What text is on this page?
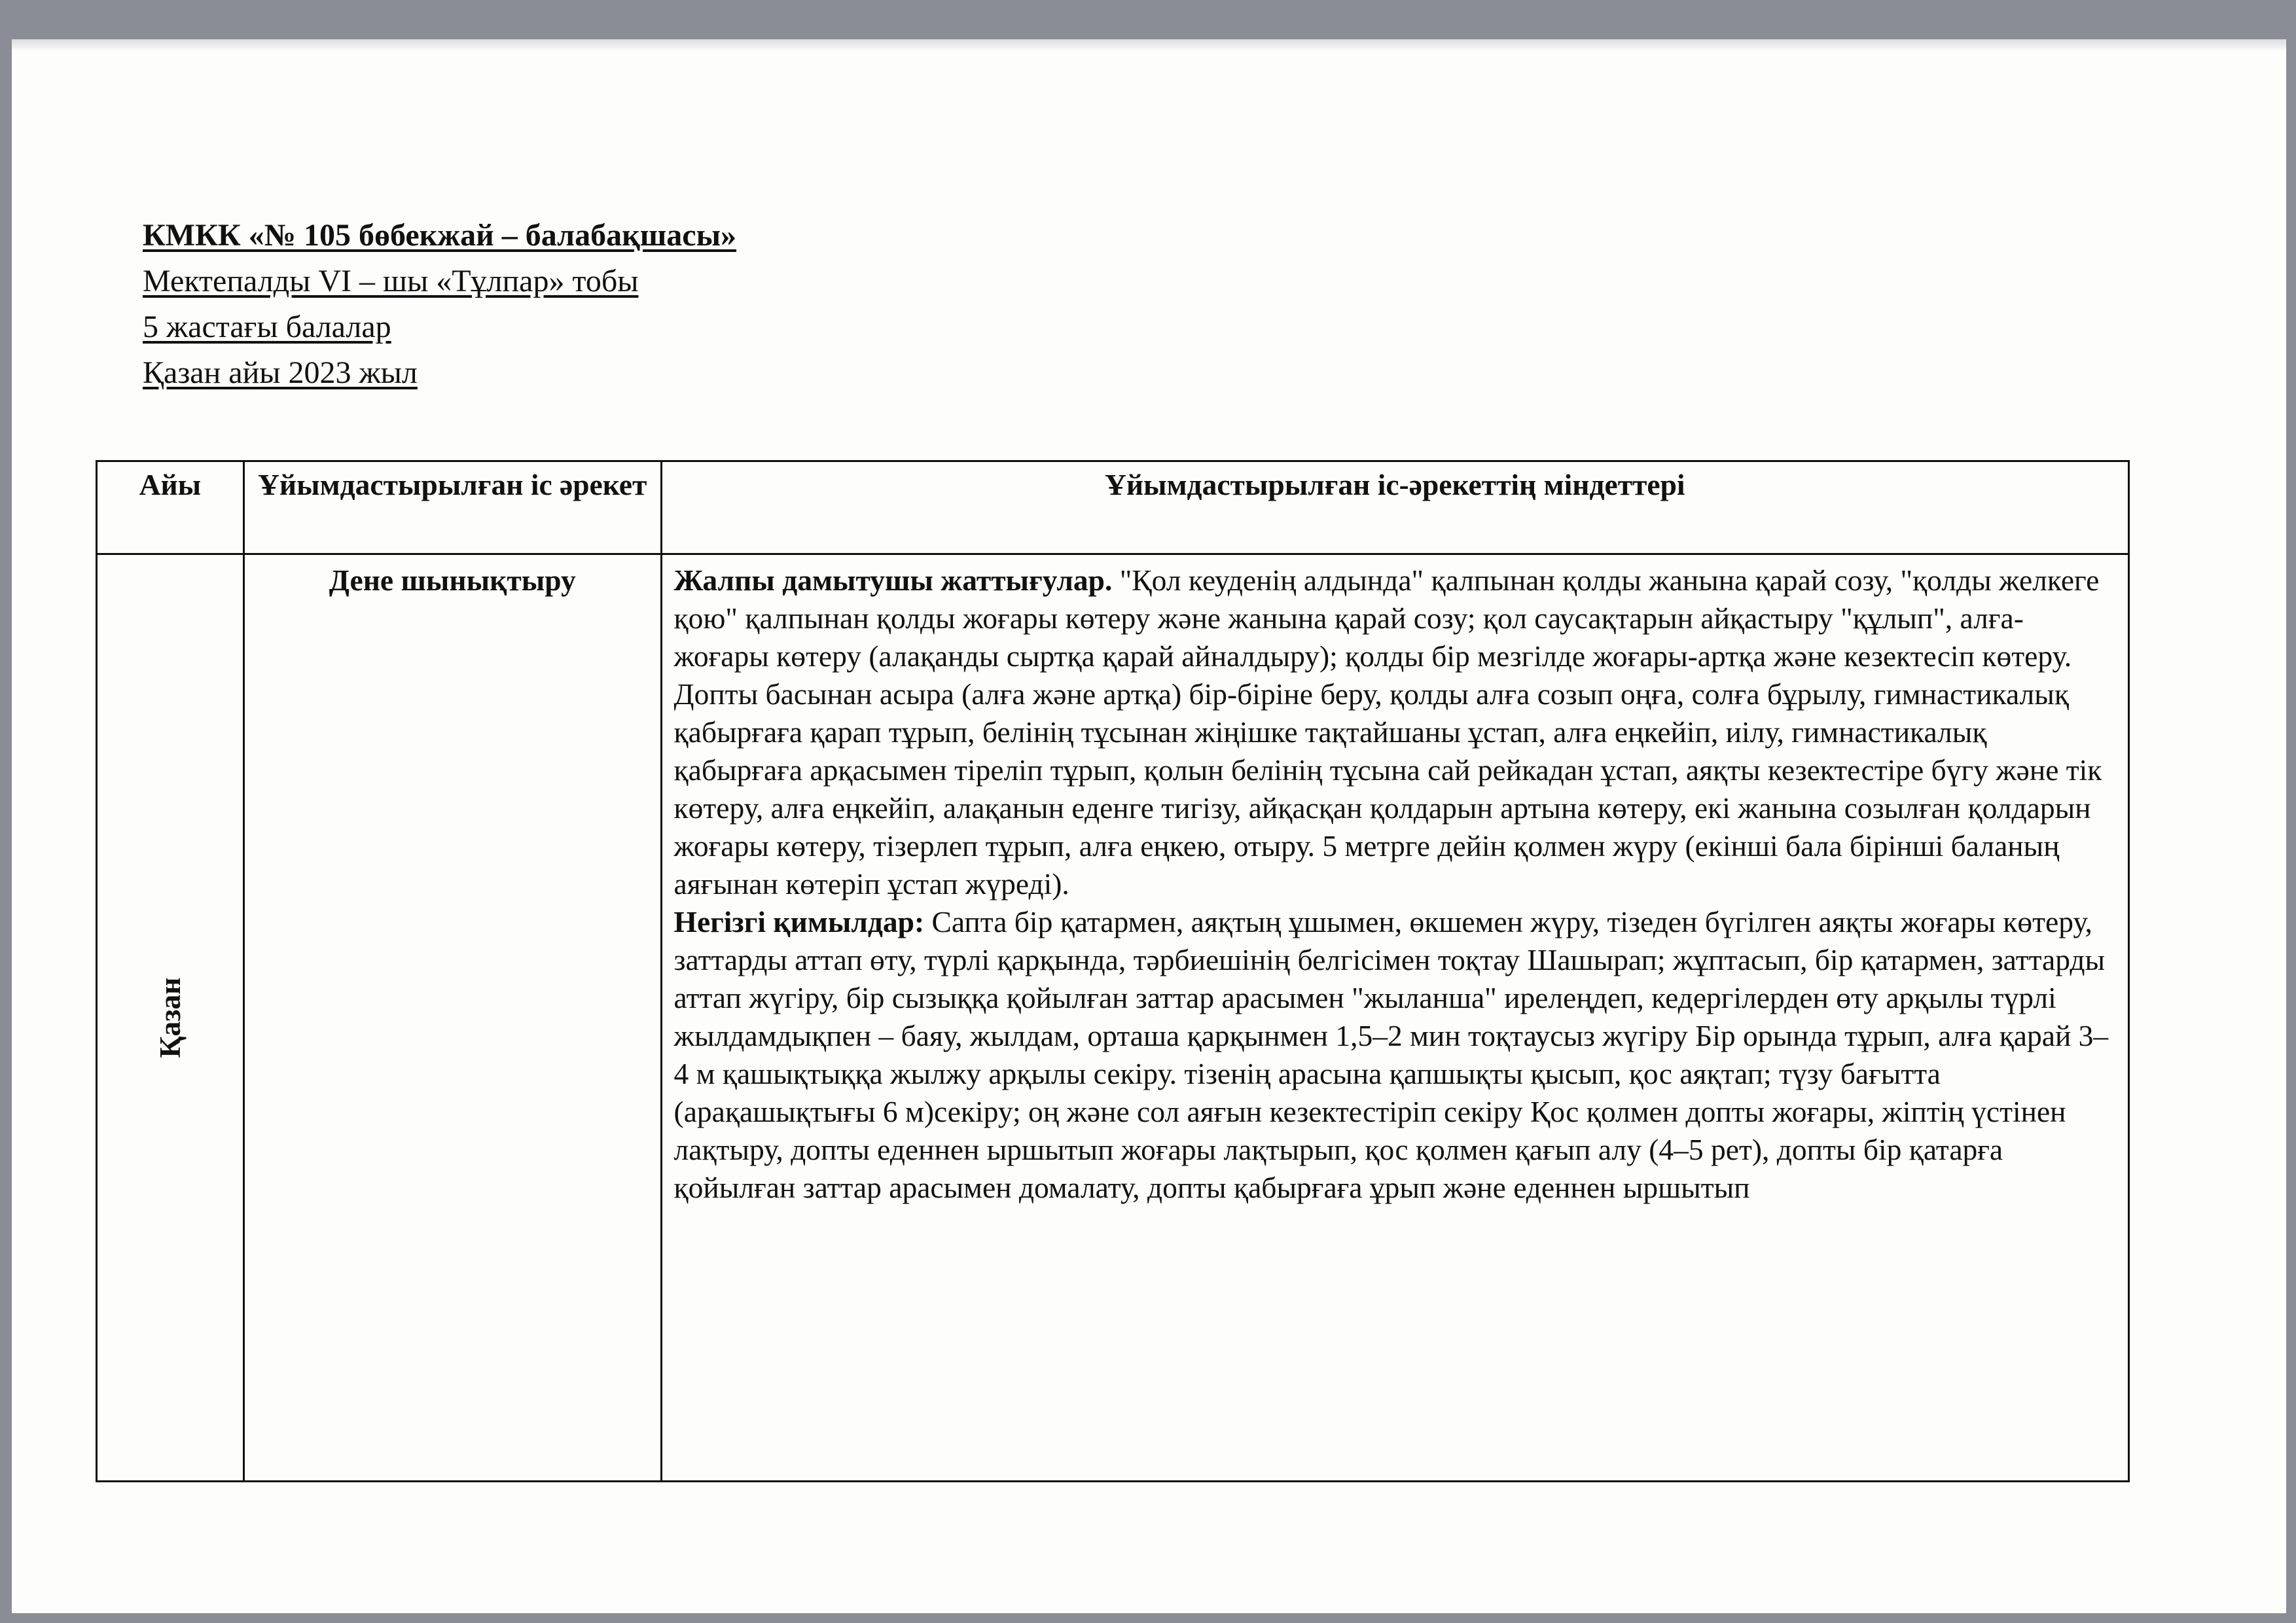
КМКК «№ 105 бөбекжай – балабақшасы»
Мектепалды VI – шы «Тұлпар» тобы
5 жастағы балалар
Қазан айы 2023 жыл
Айы	Ұйымдастырылған іс әрекет	Ұйымдастырылған іс-әрекеттің міндеттері

Қазан	Дене шынықтыру	Жалпы дамытушы жаттығулар. "Қол кеуденің алдында" қалпынан қолды жанына қарай созу, "қолды желкеге қою" қалпынан қолды жоғары көтеру және жанына қарай созу; қол саусақтарын айқастыру "құлып", алға-жоғары көтеру (алақанды сыртқа қарай айналдыру); қолды бір мезгілде жоғары-артқа және кезектесіп көтеру. Допты басынан асыра (алға және артқа) бір-біріне беру, қолды алға созып оңға, солға бұрылу, гимнастикалық қабырғаға қарап тұрып, белінің тұсынан жіңішке тақтайшаны ұстап, алға еңкейіп, иілу, гимнастикалық қабырғаға арқасымен тіреліп тұрып, қолын белінің тұсына сай рейкадан ұстап, аяқты кезектестіре бүгу және тік көтеру, алға еңкейіп, алақанын еденге тигізу, айқасқан қолдарын артына көтеру, екі жанына созылған қолдарын жоғары көтеру, тізерлеп тұрып, алға еңкею, отыру. 5 метрге дейін қолмен жүру (екінші бала бірінші баланың аяғынан көтеріп ұстап жүреді).

Негізгі қимылдар: Сапта бір қатармен, аяқтың ұшымен, өкшемен жүру, тізеден бүгілген аяқты жоғары көтеру, заттарды аттап өту, түрлі қарқында, тәрбиешінің белгісімен тоқтау Шашырап; жұптасып, бір қатармен, заттарды аттап жүгіру, бір сызыққа қойылған заттар арасымен "жыланша" ирелеңдеп, кедергілерден өту арқылы түрлі жылдамдықпен – баяу, жылдам, орташа қарқынмен 1,5–2 мин тоқтаусыз жүгіру Бір орында тұрып, алға қарай 3–4 м қашықтыққа жылжу арқылы секіру. тізенің арасына қапшықты қысып, қос аяқтап; түзу бағытта (арақашықтығы 6 м)секіру; оң және сол аяғын кезектестіріп секіру Қос қолмен допты жоғары, жіптің үстінен лақтыру, допты еденнен ыршытып жоғары лақтырып, қос қолмен қағып алу (4–5 рет), допты бір қатарға қойылған заттар арасымен домалату, допты қабырғаға ұрып және еденнен ыршытып
